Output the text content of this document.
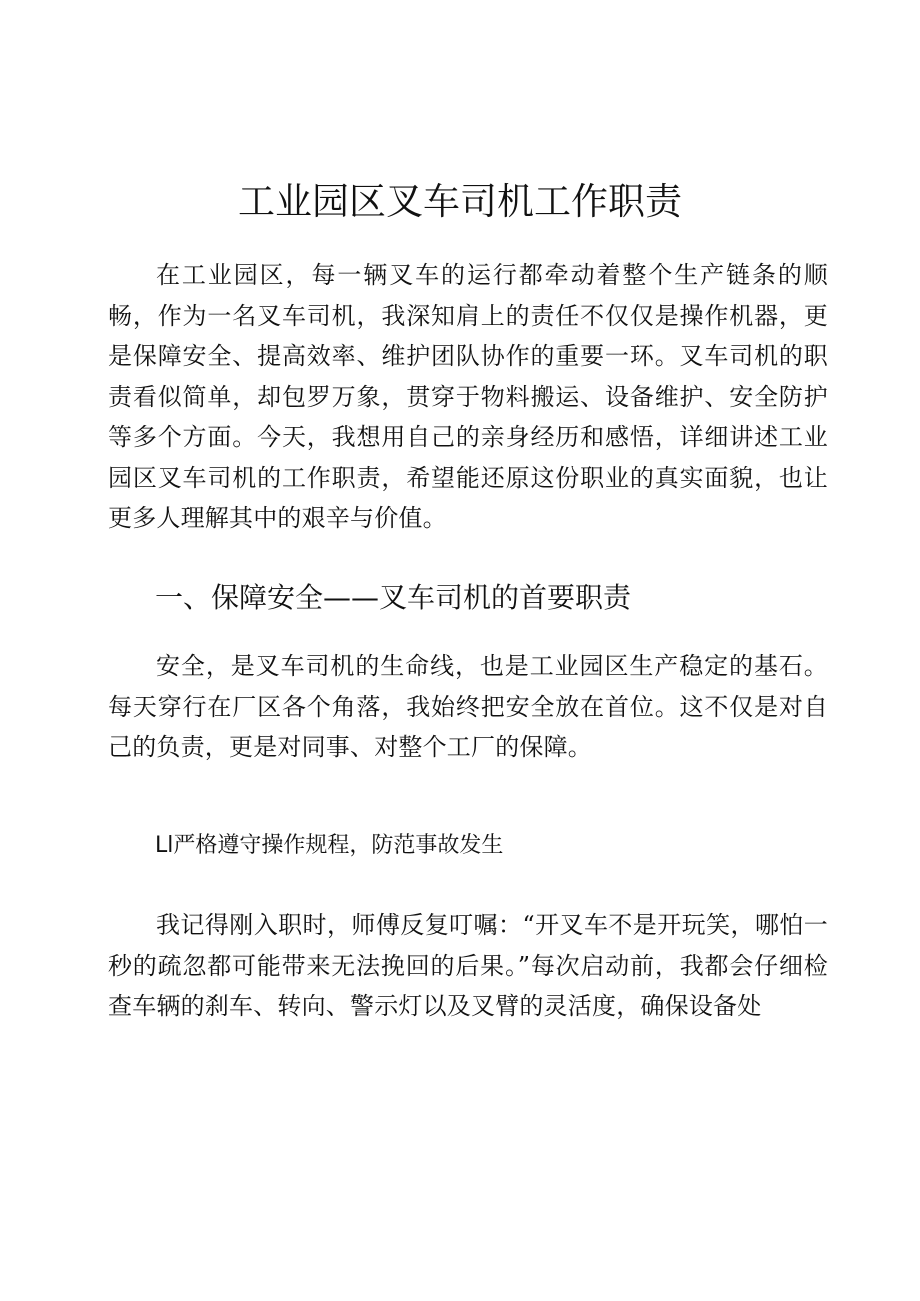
工业园区叉车司机工作职责

在工业园区，每一辆叉车的运行都牵动着整个生产链条的顺畅，作为一名叉车司机，我深知肩上的责任不仅仅是操作机器，更是保障安全、提高效率、维护团队协作的重要一环。叉车司机的职责看似简单，却包罗万象，贯穿于物料搬运、设备维护、安全防护等多个方面。今天，我想用自己的亲身经历和感悟，详细讲述工业园区叉车司机的工作职责，希望能还原这份职业的真实面貌，也让更多人理解其中的艰辛与价值。

一、保障安全——叉车司机的首要职责

安全，是叉车司机的生命线，也是工业园区生产稳定的基石。每天穿行在厂区各个角落，我始终把安全放在首位。这不仅是对自己的负责，更是对同事、对整个工厂的保障。

Ll严格遵守操作规程，防范事故发生

我记得刚入职时，师傅反复叮嘱：“开叉车不是开玩笑，哪怕一秒的疏忽都可能带来无法挽回的后果。”每次启动前，我都会仔细检查车辆的刹车、转向、警示灯以及叉臂的灵活度，确保设备处
